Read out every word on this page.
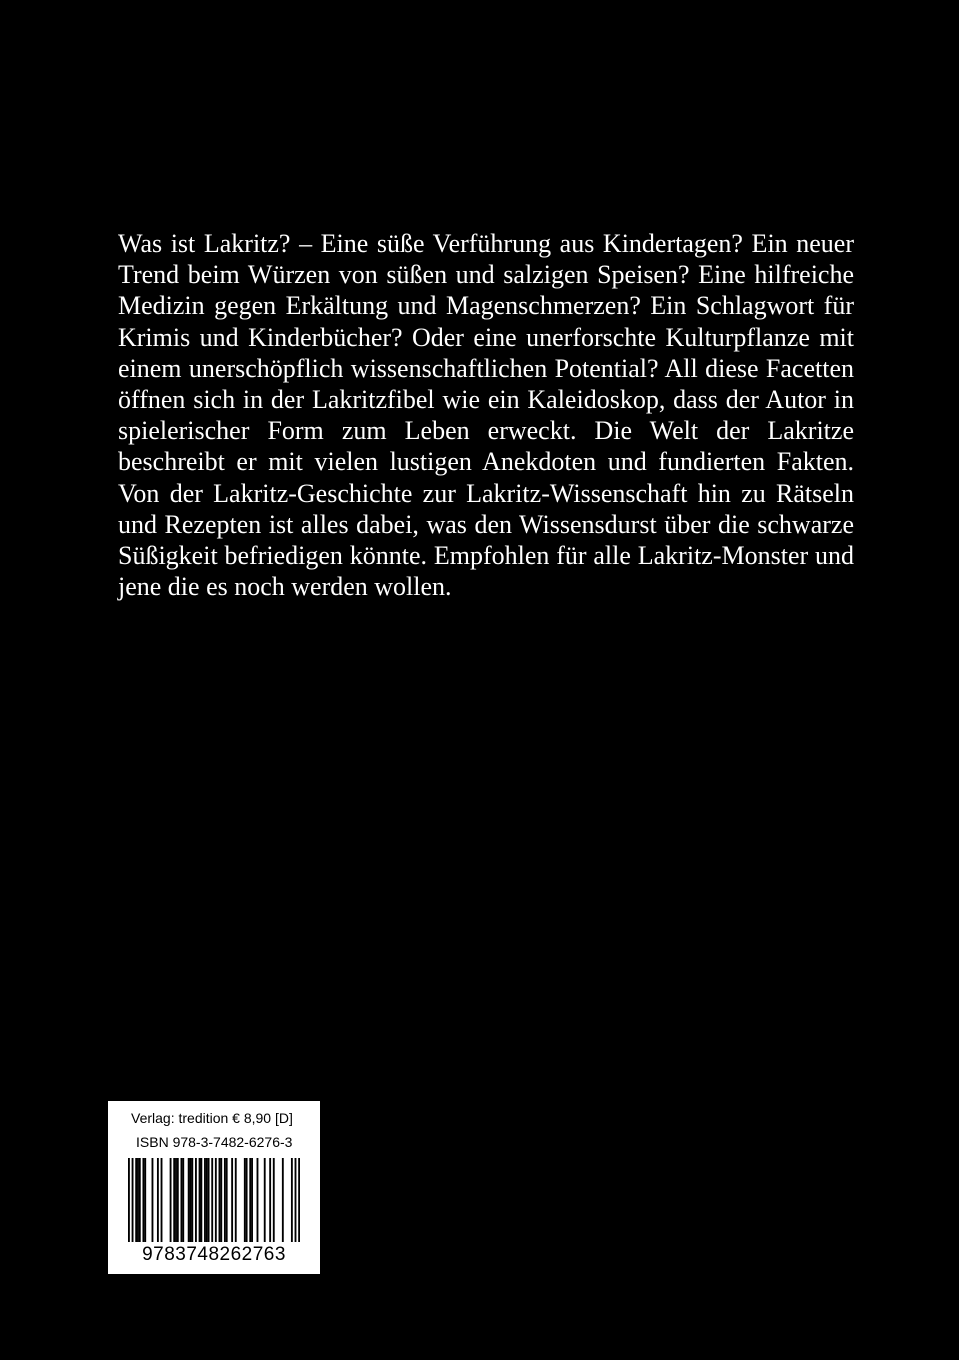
Was ist Lakritz? – Eine süße Verführung aus Kindertagen? Ein neuer Trend beim Würzen von süßen und salzigen Speisen? Eine hilfreiche Medizin gegen Erkältung und Magenschmerzen? Ein Schlagwort für Krimis und Kinderbücher? Oder eine unerforschte Kulturpflanze mit einem unerschöpflich wissenschaftlichen Potential? All diese Facetten öffnen sich in der Lakritzfibel wie ein Kaleidoskop, dass der Autor in spielerischer Form zum Leben erweckt. Die Welt der Lakritze beschreibt er mit vielen lustigen Anekdoten und fundierten Fakten. Von der Lakritz-Geschichte zur Lakritz-Wissenschaft hin zu Rätseln und Rezepten ist alles dabei, was den Wissensdurst über die schwarze Süßigkeit befriedigen könnte. Empfohlen für alle Lakritz-Monster und jene die es noch werden wollen.

Verlag: tredition € 8,90 [D]
ISBN 978-3-7482-6276-3
9783748262763
